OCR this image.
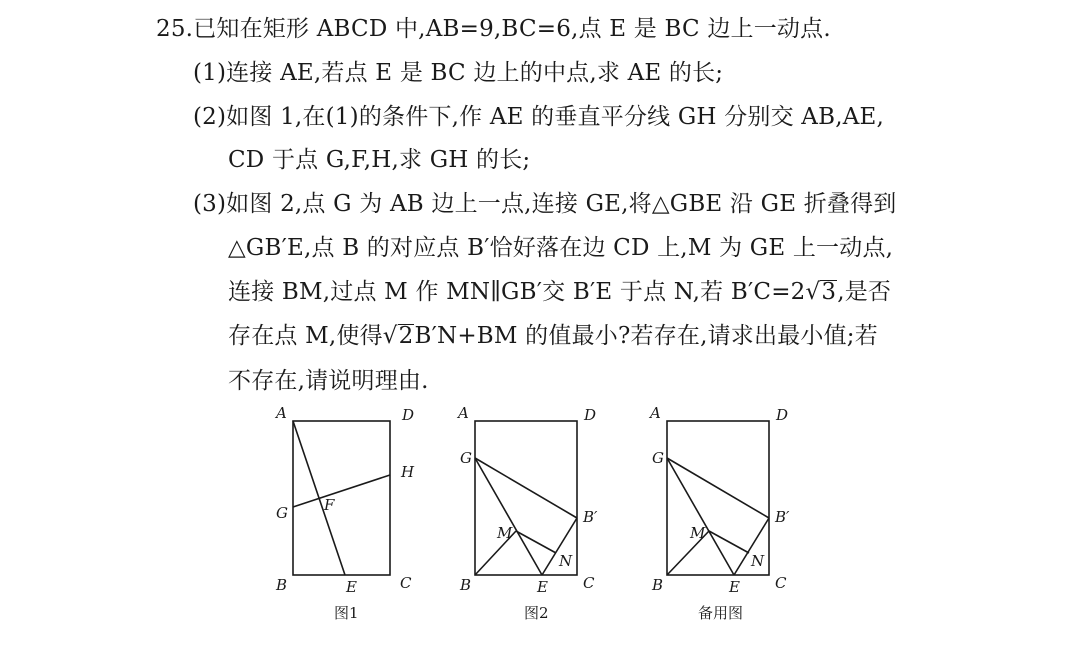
25.已知在矩形 ABCD 中,AB=9,BC=6,点 E 是 BC 边上一动点.
(1)连接 AE,若点 E 是 BC 边上的中点,求 AE 的长;
(2)如图 1,在(1)的条件下,作 AE 的垂直平分线 GH 分别交 AB,AE,
CD 于点 G,F,H,求 GH 的长;
(3)如图 2,点 G 为 AB 边上一点,连接 GE,将△GBE 沿 GE 折叠得到
△GB′E,点 B 的对应点 B′恰好落在边 CD 上,M 为 GE 上一动点,
连接 BM,过点 M 作 MN∥GB′交 B′E 于点 N,若 B′C=2√3,是否
存在点 M,使得√2B′N+BM 的值最小?若存在,请求出最小值;若
不存在,请说明理由.
A	D
H
G F
B	E	C
图1
A	D
G
B′
M
N
B	E C
图2
A	D
G
B′
M
N
B	E C
备用图
